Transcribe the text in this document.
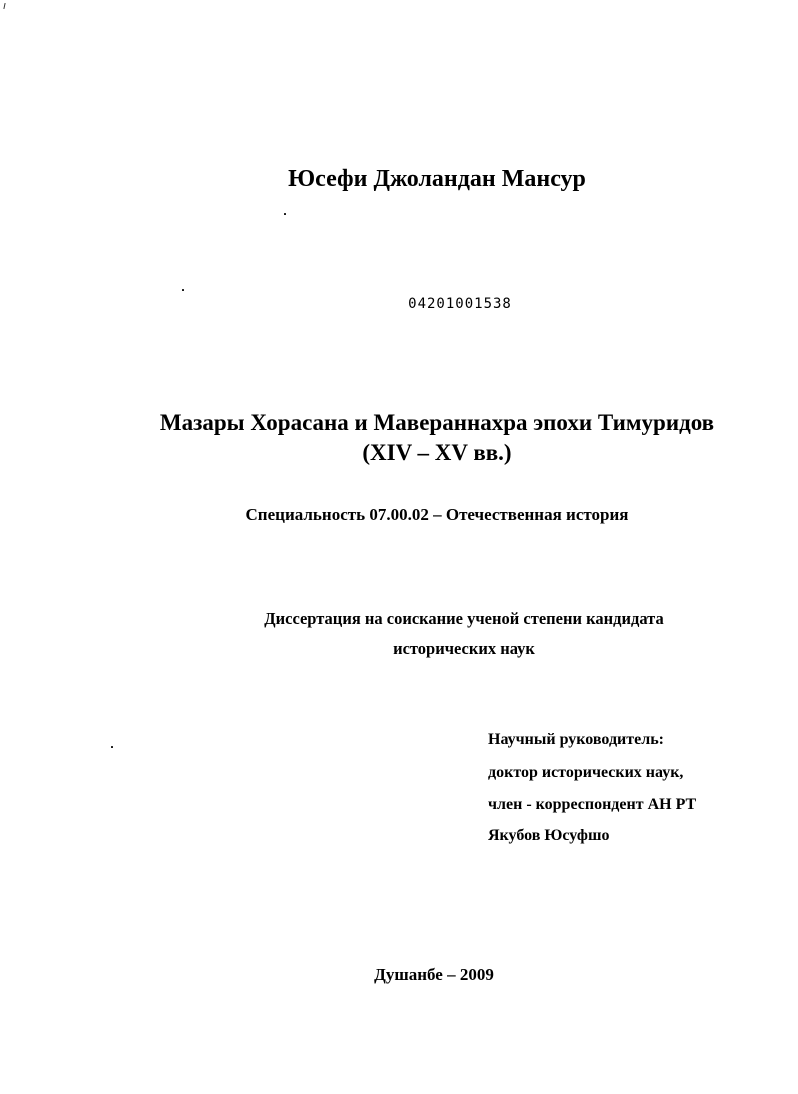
Юсефи Джоландан Мансур
04201001538
Мазары Хорасана и Мавераннахра эпохи Тимуридов
(XIV – XV вв.)
Специальность 07.00.02 – Отечественная история
Диссертация на соискание ученой степени кандидата
исторических наук
Научный руководитель:
доктор исторических наук,
член - корреспондент АН РТ
Якубов Юсуфшо
Душанбе – 2009
